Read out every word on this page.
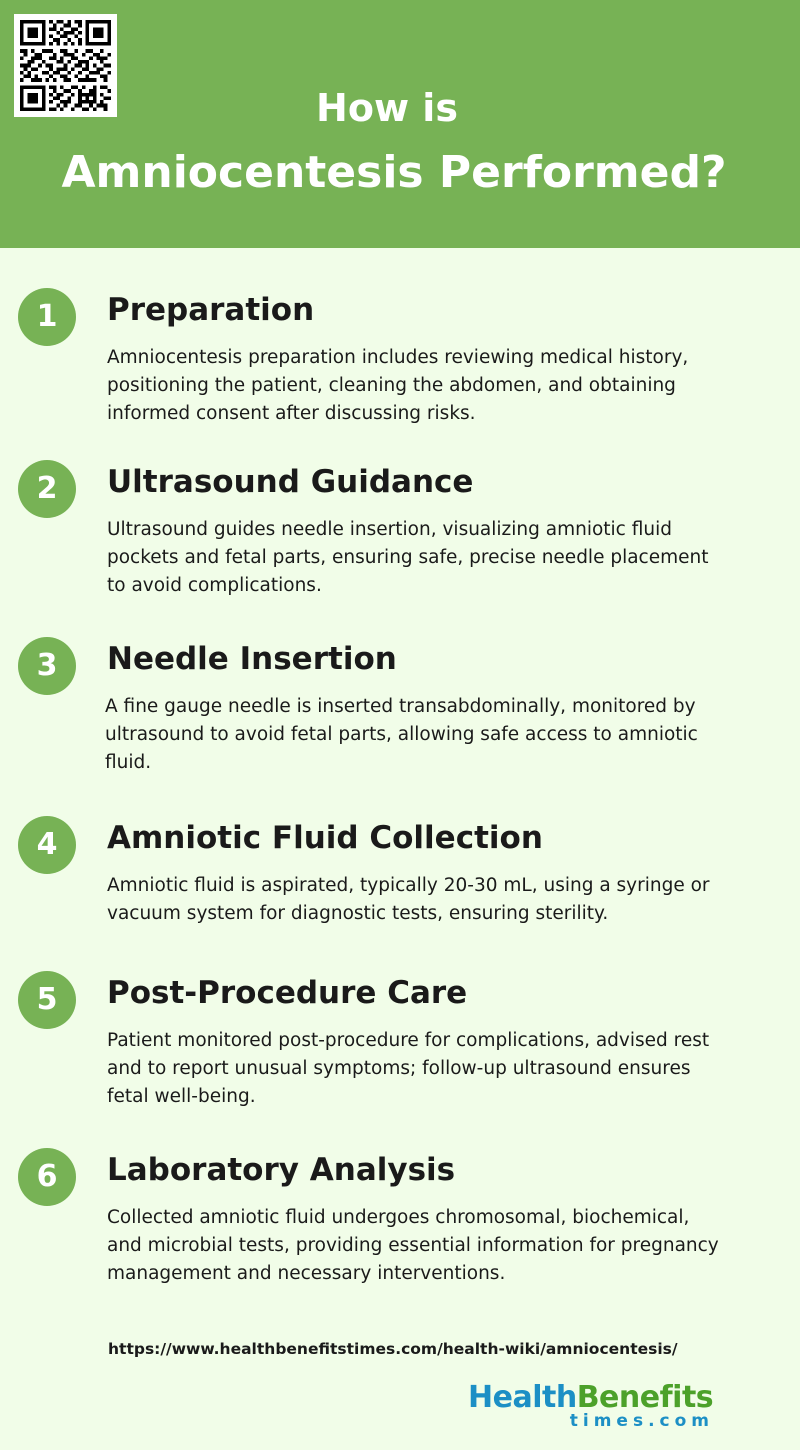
How is
Amniocentesis Performed?
1	Preparation

Amniocentesis preparation includes reviewing medical history, positioning the patient, cleaning the abdomen, and obtaining informed consent after discussing risks.

2	Ultrasound Guidance

Ultrasound guides needle insertion, visualizing amniotic fluid pockets and fetal parts, ensuring safe, precise needle placement to avoid complications.

3	Needle Insertion

A fine gauge needle is inserted transabdominally, monitored by ultrasound to avoid fetal parts, allowing safe access to amniotic fluid.

4	Amniotic Fluid Collection

Amniotic fluid is aspirated, typically 20-30 mL, using a syringe or vacuum system for diagnostic tests, ensuring sterility.

5	Post-Procedure Care

Patient monitored post-procedure for complications, advised rest and to report unusual symptoms; follow-up ultrasound ensures fetal well-being.

6	Laboratory Analysis

Collected amniotic fluid undergoes chromosomal, biochemical, and microbial tests, providing essential information for pregnancy management and necessary interventions.

https://www.healthbenefitstimes.com/health-wiki/amniocentesis/

HealthBenefits
times.com
